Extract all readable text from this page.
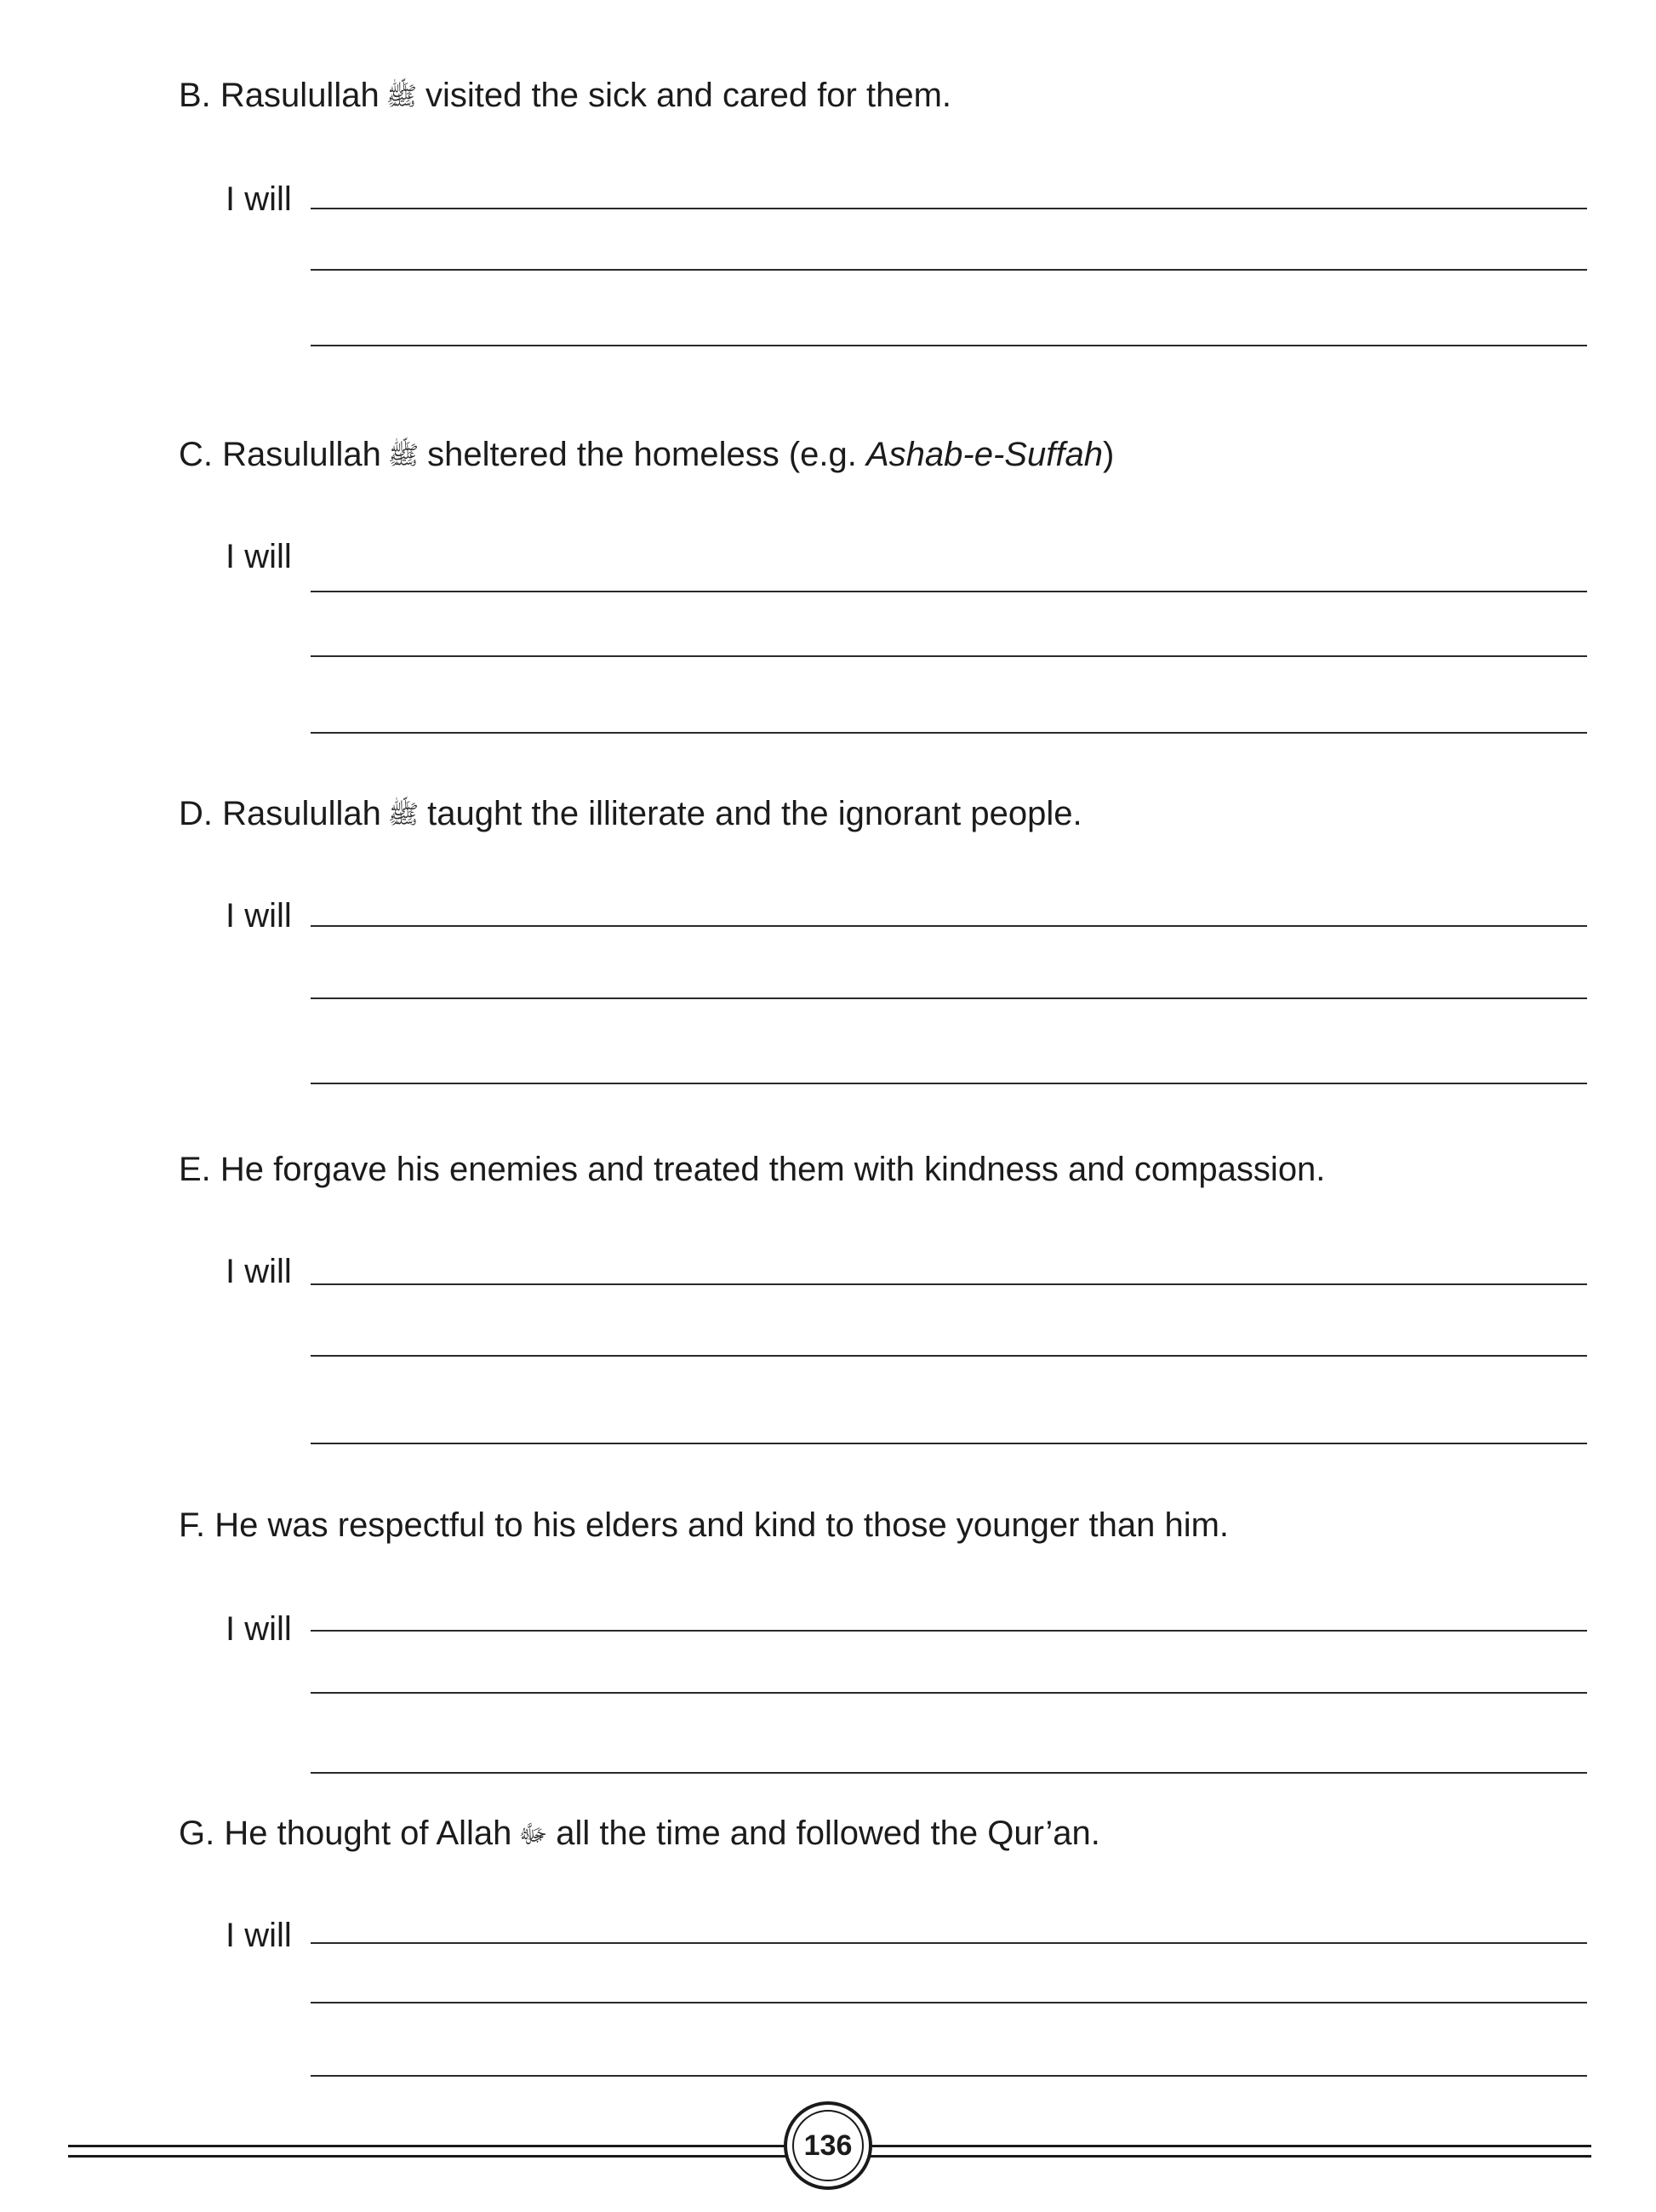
B. Rasulullah ﷺ visited the sick and cared for them.
I will
C. Rasulullah ﷺ sheltered the homeless (e.g. Ashab-e-Suffah)
I will
D. Rasulullah ﷺ taught the illiterate and the ignorant people.
I will
E. He forgave his enemies and treated them with kindness and compassion.
I will
F. He was respectful to his elders and kind to those younger than him.
I will
G. He thought of Allah ﷻ all the time and followed the Qur’an.
I will
136
